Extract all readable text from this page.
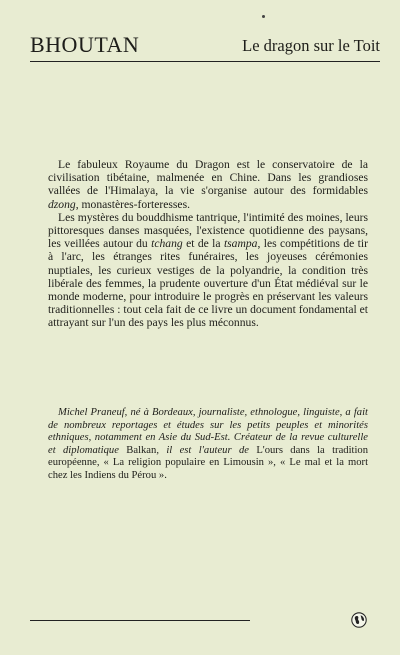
BHOUTAN	Le dragon sur le Toit

Le fabuleux Royaume du Dragon est le conservatoire de la civilisation tibétaine, malmenée en Chine. Dans les grandioses vallées de l'Himalaya, la vie s'organise autour des formidables dzong, monastères-forteresses.

Les mystères du bouddhisme tantrique, l'intimité des moines, leurs pittoresques danses masquées, l'existence quotidienne des paysans, les veillées autour du tchang et de la tsampa, les compétitions de tir à l'arc, les étranges rites funéraires, les joyeuses cérémonies nuptiales, les curieux vestiges de la polyandrie, la condition très libérale des femmes, la prudente ouverture d'un État médiéval sur le monde moderne, pour introduire le progrès en préservant les valeurs traditionnelles : tout cela fait de ce livre un document fondamental et attrayant sur l'un des pays les plus méconnus.

Michel Praneuf, né à Bordeaux, journaliste, ethnologue, linguiste, a fait de nombreux reportages et études sur les petits peuples et minorités ethniques, notamment en Asie du Sud-Est. Créateur de la revue culturelle et diplomatique Balkan, il est l'auteur de L'ours dans la tradition européenne, « La religion populaire en Limousin », « Le mal et la mort chez les Indiens du Pérou ».
